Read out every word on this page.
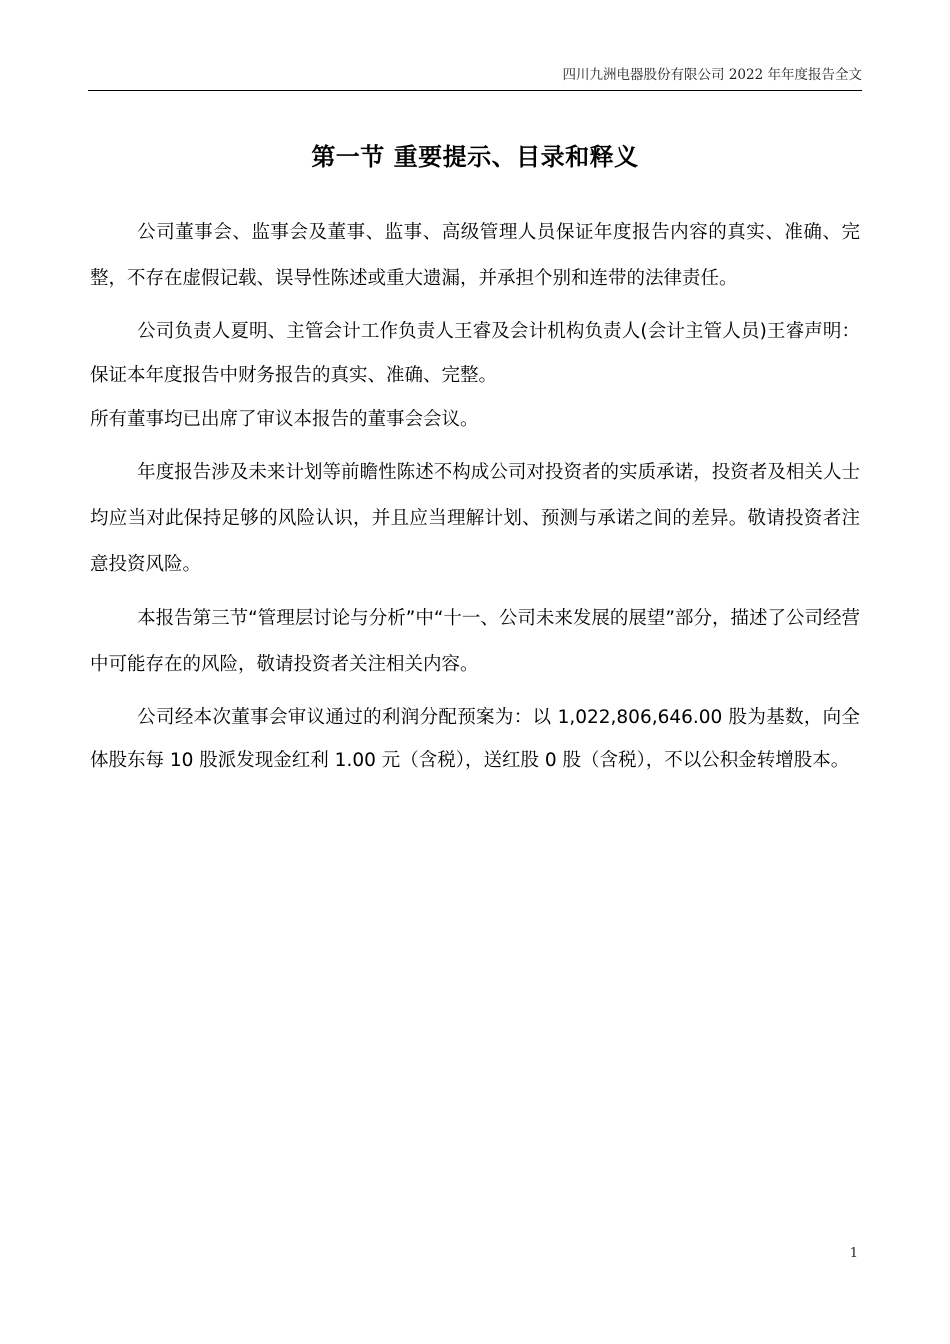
四川九洲电器股份有限公司 2022 年年度报告全文
第一节 重要提示、目录和释义

公司董事会、监事会及董事、监事、高级管理人员保证年度报告内容的真实、准确、完整，不存在虚假记载、误导性陈述或重大遗漏，并承担个别和连带的法律责任。

公司负责人夏明、主管会计工作负责人王睿及会计机构负责人(会计主管人员)王睿声明：保证本年度报告中财务报告的真实、准确、完整。

所有董事均已出席了审议本报告的董事会会议。

年度报告涉及未来计划等前瞻性陈述不构成公司对投资者的实质承诺，投资者及相关人士均应当对此保持足够的风险认识，并且应当理解计划、预测与承诺之间的差异。敬请投资者注意投资风险。

本报告第三节“管理层讨论与分析”中“十一、公司未来发展的展望”部分，描述了公司经营中可能存在的风险，敬请投资者关注相关内容。

公司经本次董事会审议通过的利润分配预案为：以 1,022,806,646.00 股为基数，向全体股东每 10 股派发现金红利 1.00 元（含税），送红股 0 股（含税），不以公积金转增股本。

1
